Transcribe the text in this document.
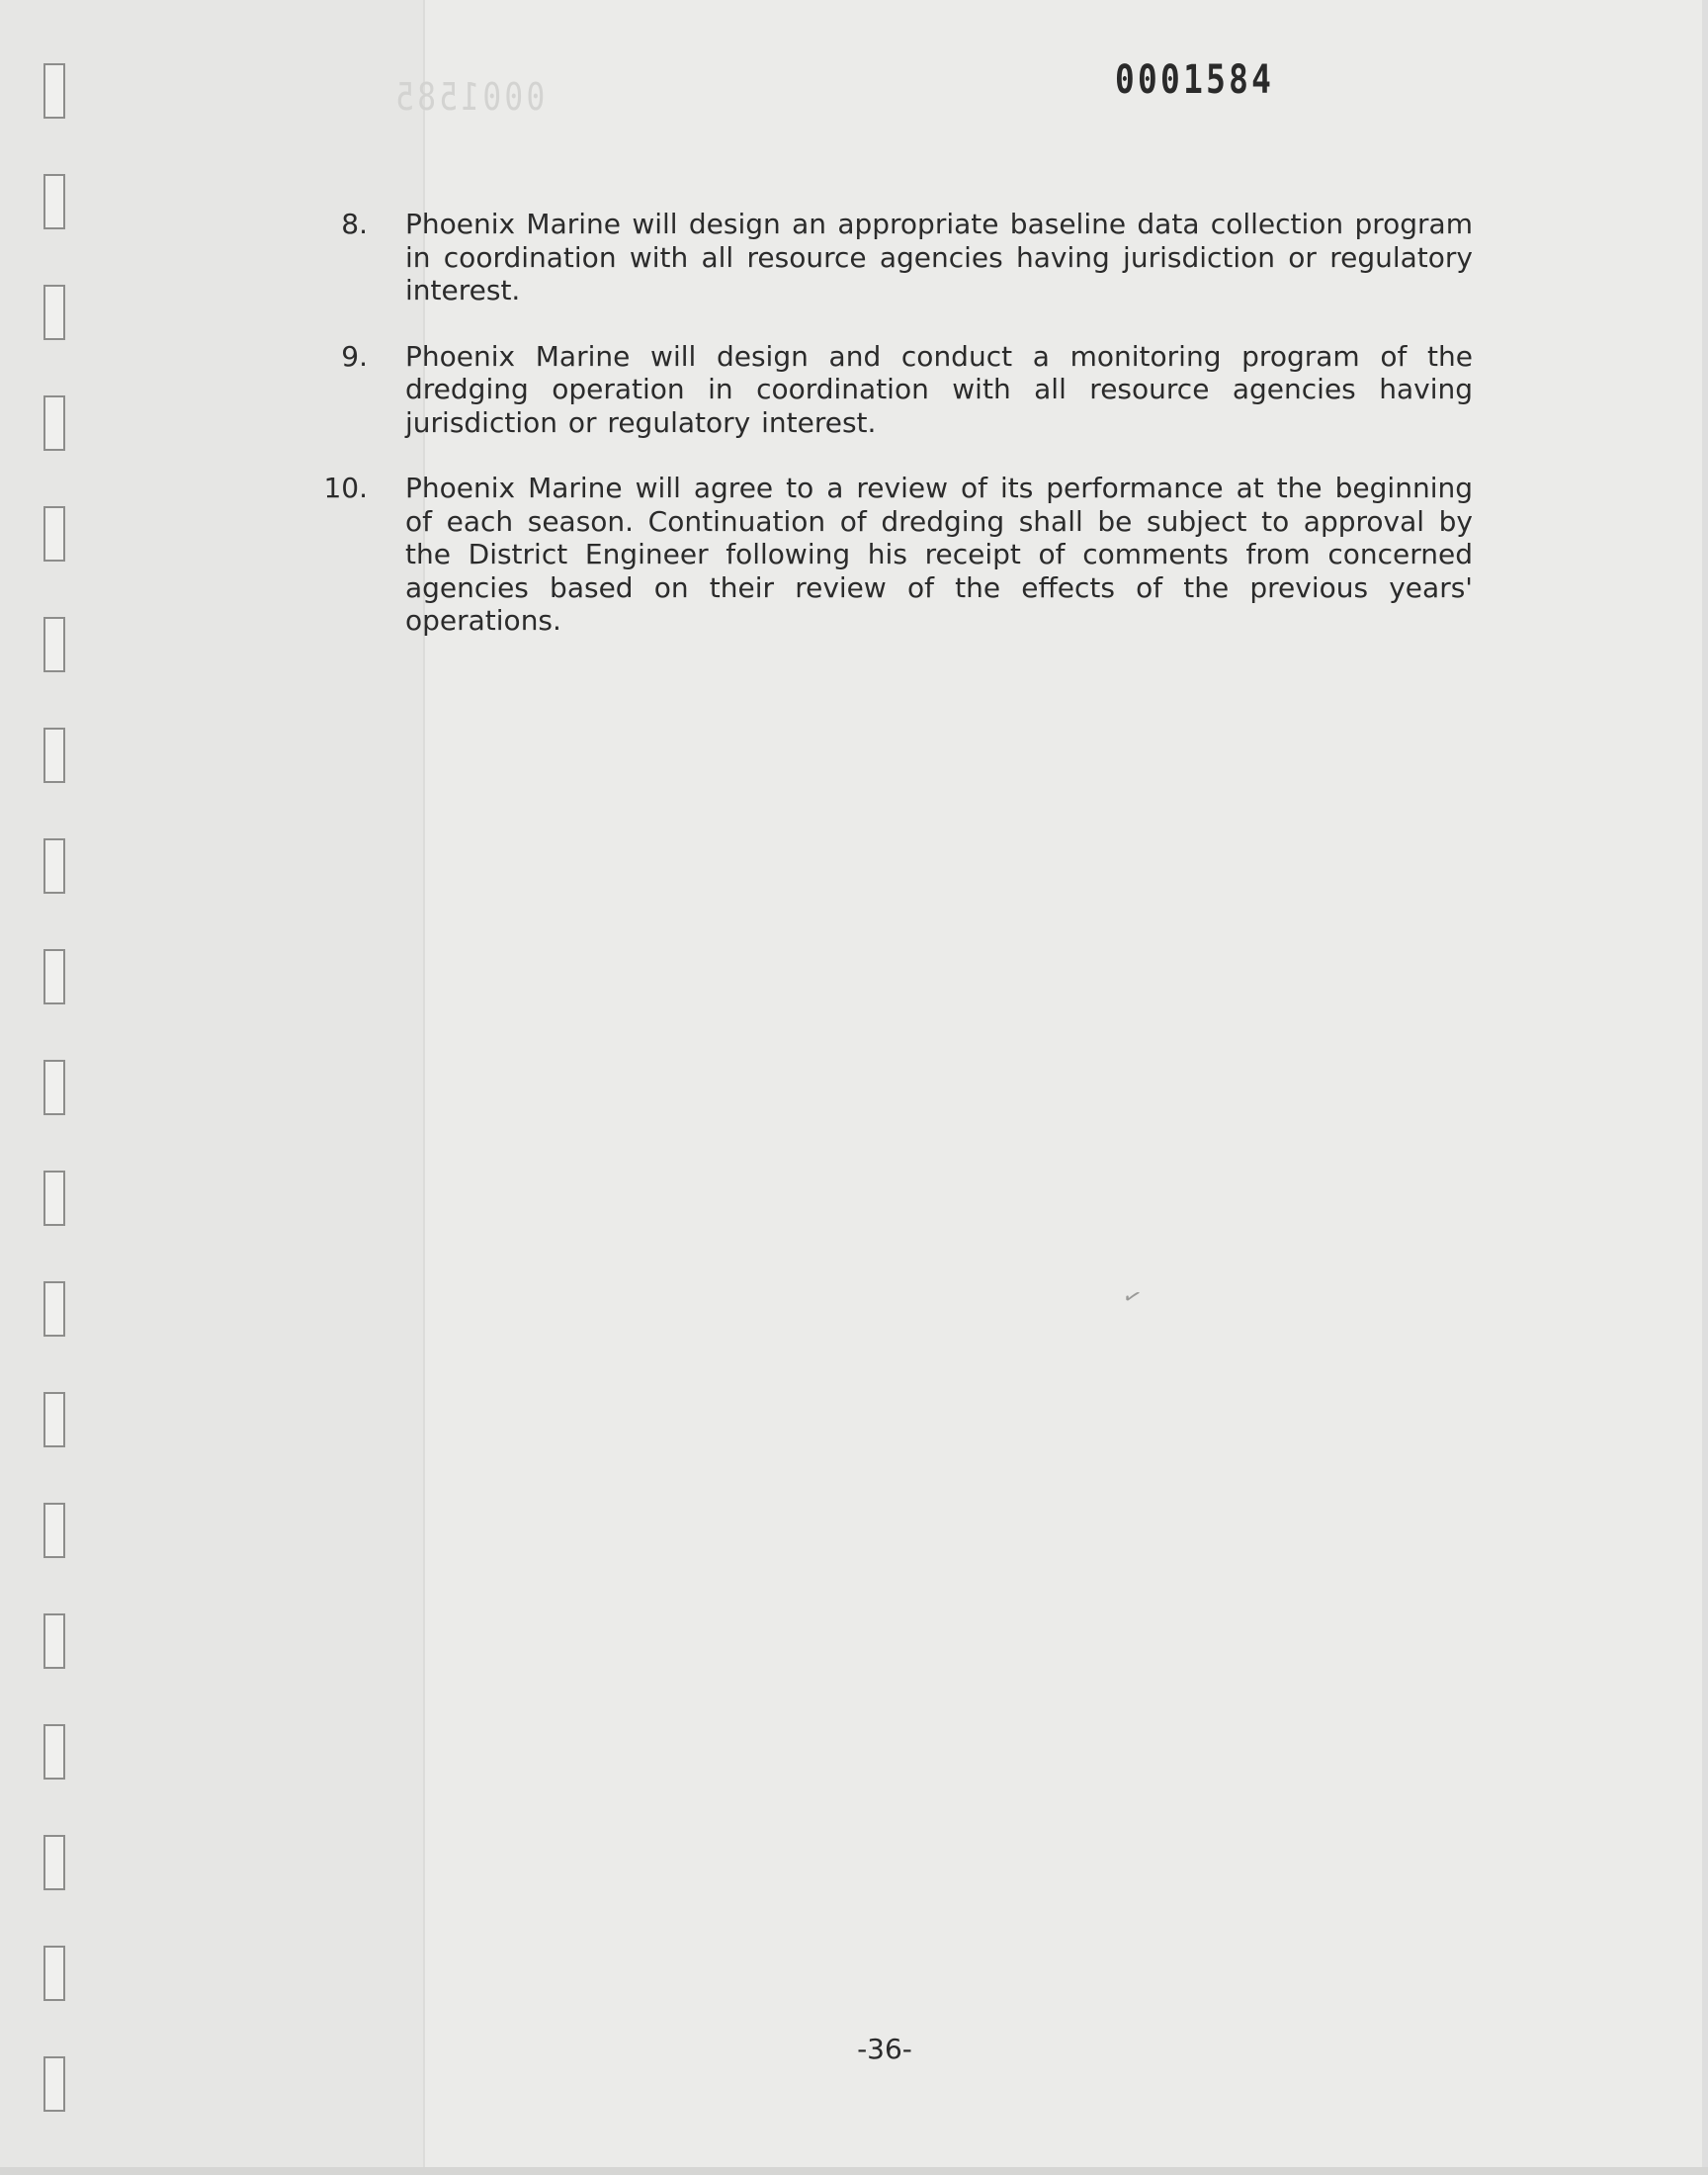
0001585	0001584
8. Phoenix Marine will design an appropriate baseline data collection program in coordination with all resource agencies having jurisdiction or regulatory interest.
9. Phoenix Marine will design and conduct a monitoring program of the dredging operation in coordination with all resource agencies having jurisdiction or regulatory interest.
10. Phoenix Marine will agree to a review of its performance at the beginning of each season. Continuation of dredging shall be subject to approval by the District Engineer following his receipt of comments from concerned agencies based on their review of the effects of the previous years' operations.
✓
-36-
